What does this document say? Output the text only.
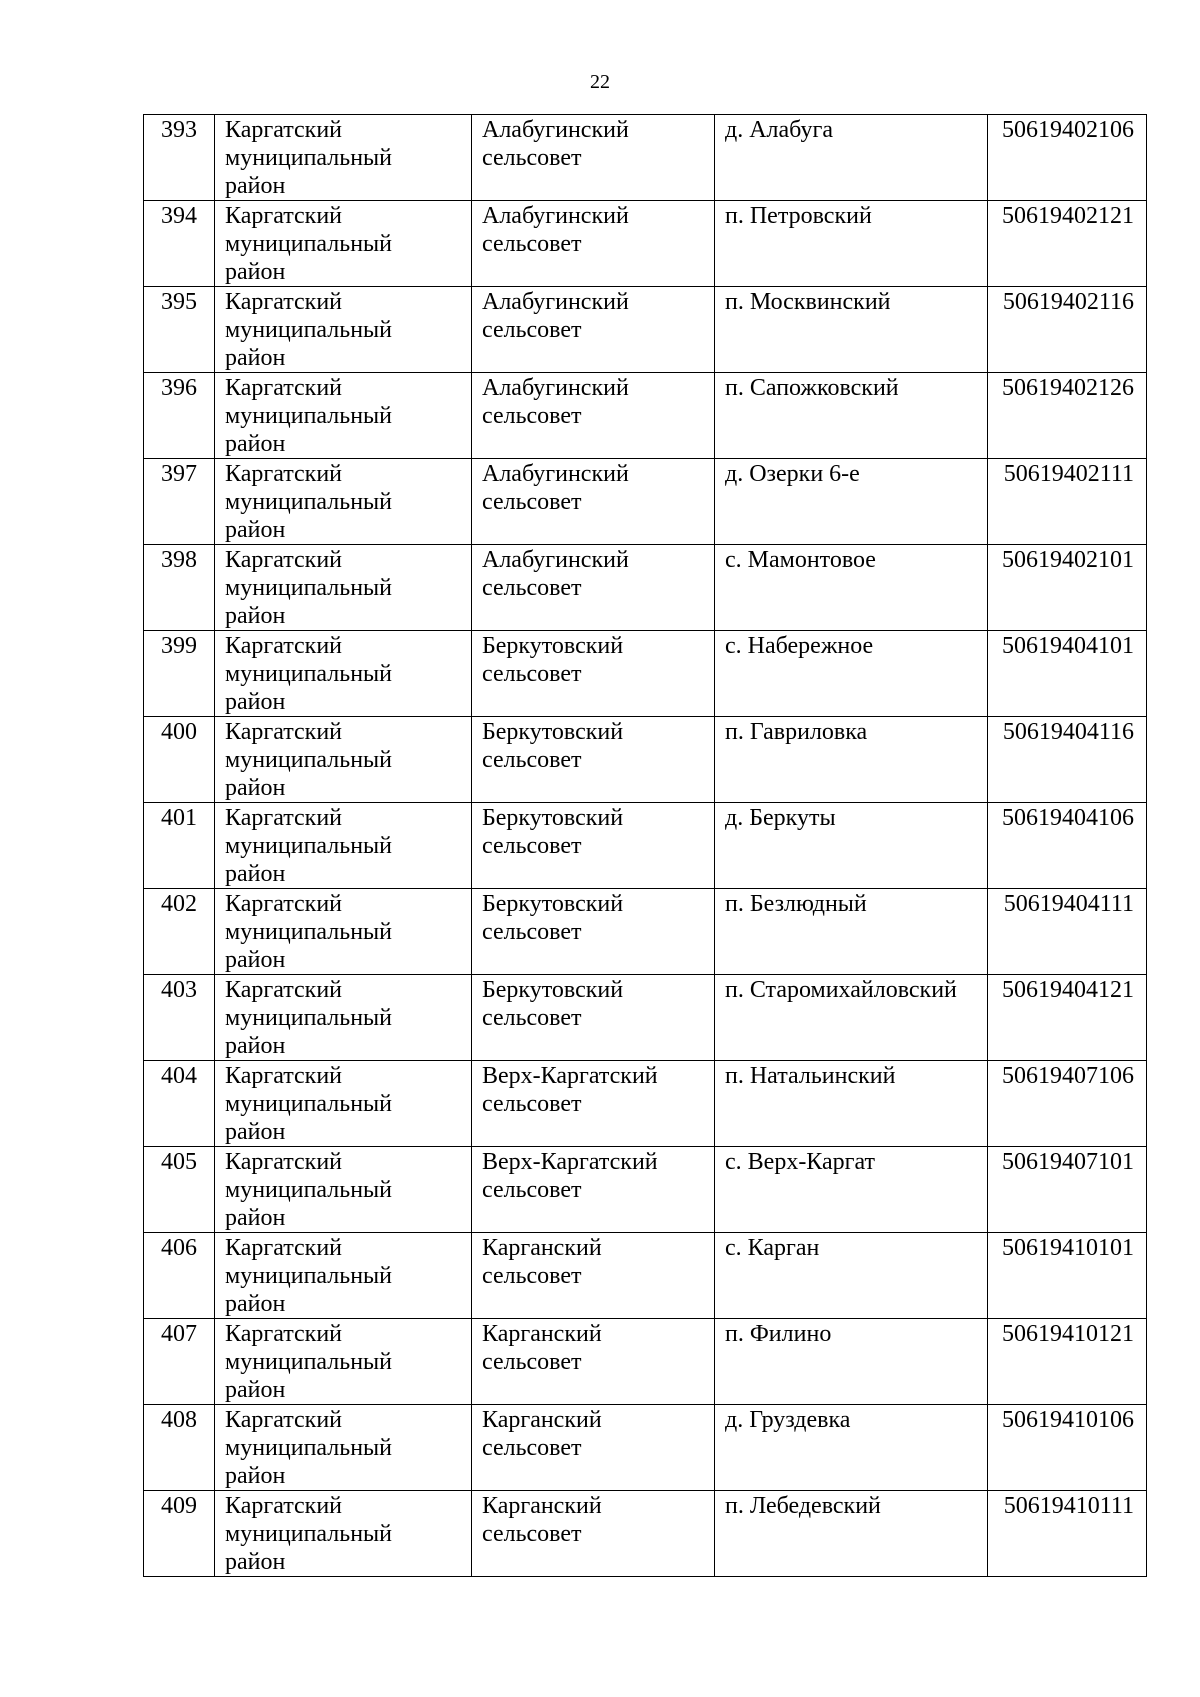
22
393	Каргатский
муниципальный
район	Алабугинский
сельсовет	д. Алабуга	50619402106

394	Каргатский
муниципальный
район	Алабугинский
сельсовет	п. Петровский	50619402121

395	Каргатский
муниципальный
район	Алабугинский
сельсовет	п. Москвинский	50619402116

396	Каргатский
муниципальный
район	Алабугинский
сельсовет	п. Сапожковский	50619402126

397	Каргатский
муниципальный
район	Алабугинский
сельсовет	д. Озерки 6-е	50619402111

398	Каргатский
муниципальный
район	Алабугинский
сельсовет	с. Мамонтовое	50619402101

399	Каргатский
муниципальный
район	Беркутовский
сельсовет	с. Набережное	50619404101

400	Каргатский
муниципальный
район	Беркутовский
сельсовет	п. Гавриловка	50619404116

401	Каргатский
муниципальный
район	Беркутовский
сельсовет	д. Беркуты	50619404106

402	Каргатский
муниципальный
район	Беркутовский
сельсовет	п. Безлюдный	50619404111

403	Каргатский
муниципальный
район	Беркутовский
сельсовет	п. Старомихайловский	50619404121

404	Каргатский
муниципальный
район	Верх-Каргатский
сельсовет	п. Натальинский	50619407106

405	Каргатский
муниципальный
район	Верх-Каргатский
сельсовет	с. Верх-Каргат	50619407101

406	Каргатский
муниципальный
район	Карганский
сельсовет	с. Карган	50619410101

407	Каргатский
муниципальный
район	Карганский
сельсовет	п. Филино	50619410121

408	Каргатский
муниципальный
район	Карганский
сельсовет	д. Груздевка	50619410106

409	Каргатский
муниципальный
район	Карганский
сельсовет	п. Лебедевский	50619410111
